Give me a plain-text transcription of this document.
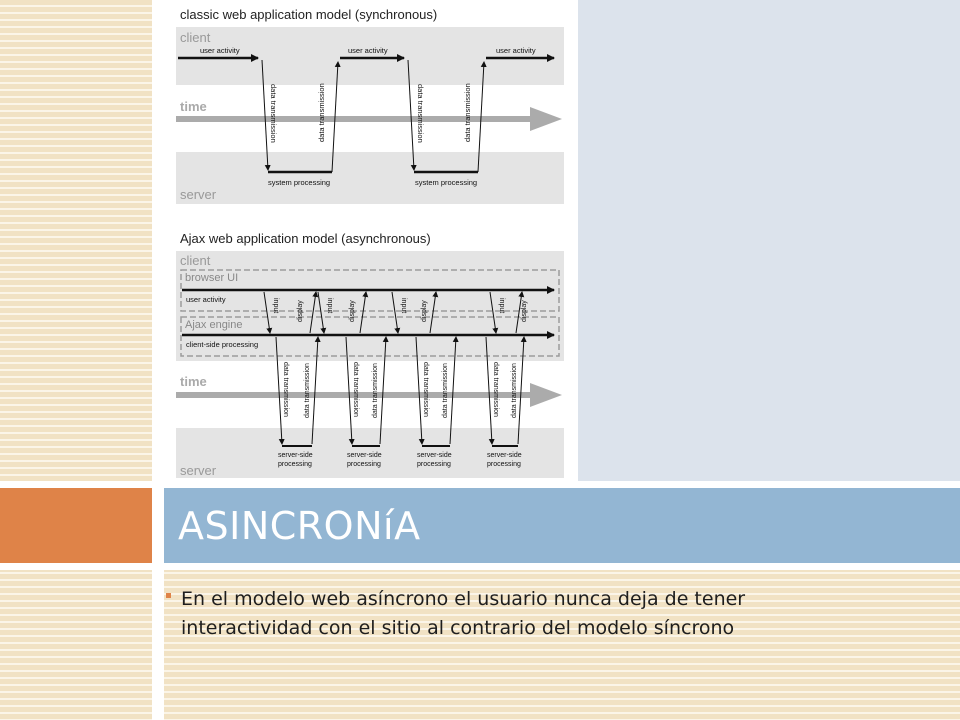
classic web application model (synchronous)
client
time
server
user activity	user activity	user activity
data transmission	data transmission
system processing
data transmission	data transmission
system processing
Ajax web application model (asynchronous)
client
browser UI
user activity
Ajax engine
client-side processing
input	display	input display	input display	input display
time
server
data transmission data transmission
server-side
processing
data transmission data transmission
server-side
processing
data transmission data transmission
server-side
processing
data transmission data transmission
server-side
processing
ASINCRONíA
En el modelo web asíncrono el usuario nunca deja de tener interactividad con el sitio al contrario del modelo síncrono
